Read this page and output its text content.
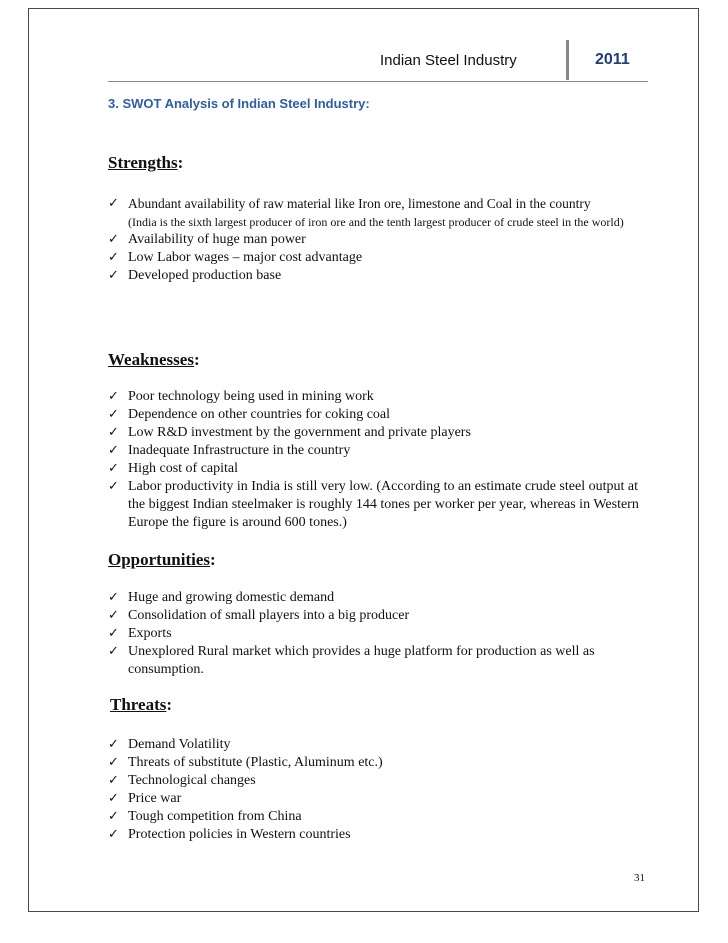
Indian Steel Industry	2011
3. SWOT Analysis of Indian Steel Industry:
Strengths:
✓ Abundant availability of raw material like Iron ore, limestone and Coal in the country
(India is the sixth largest producer of iron ore and the tenth largest producer of crude steel in the world)
✓ Availability of huge man power
✓ Low Labor wages – major cost advantage
✓ Developed production base
Weaknesses:
✓ Poor technology being used in mining work
✓ Dependence on other countries for coking coal
✓ Low R&D investment by the government and private players
✓ Inadequate Infrastructure in the country
✓ High cost of capital
✓ Labor productivity in India is still very low. (According to an estimate crude steel output at the biggest Indian steelmaker is roughly 144 tones per worker per year, whereas in Western Europe the figure is around 600 tones.)
Opportunities:
✓ Huge and growing domestic demand
✓ Consolidation of small players into a big producer
✓ Exports
✓ Unexplored Rural market which provides a huge platform for production as well as consumption.
Threats:
✓ Demand Volatility
✓ Threats of substitute (Plastic, Aluminum etc.)
✓ Technological changes
✓ Price war
✓ Tough competition from China
✓ Protection policies in Western countries
31
